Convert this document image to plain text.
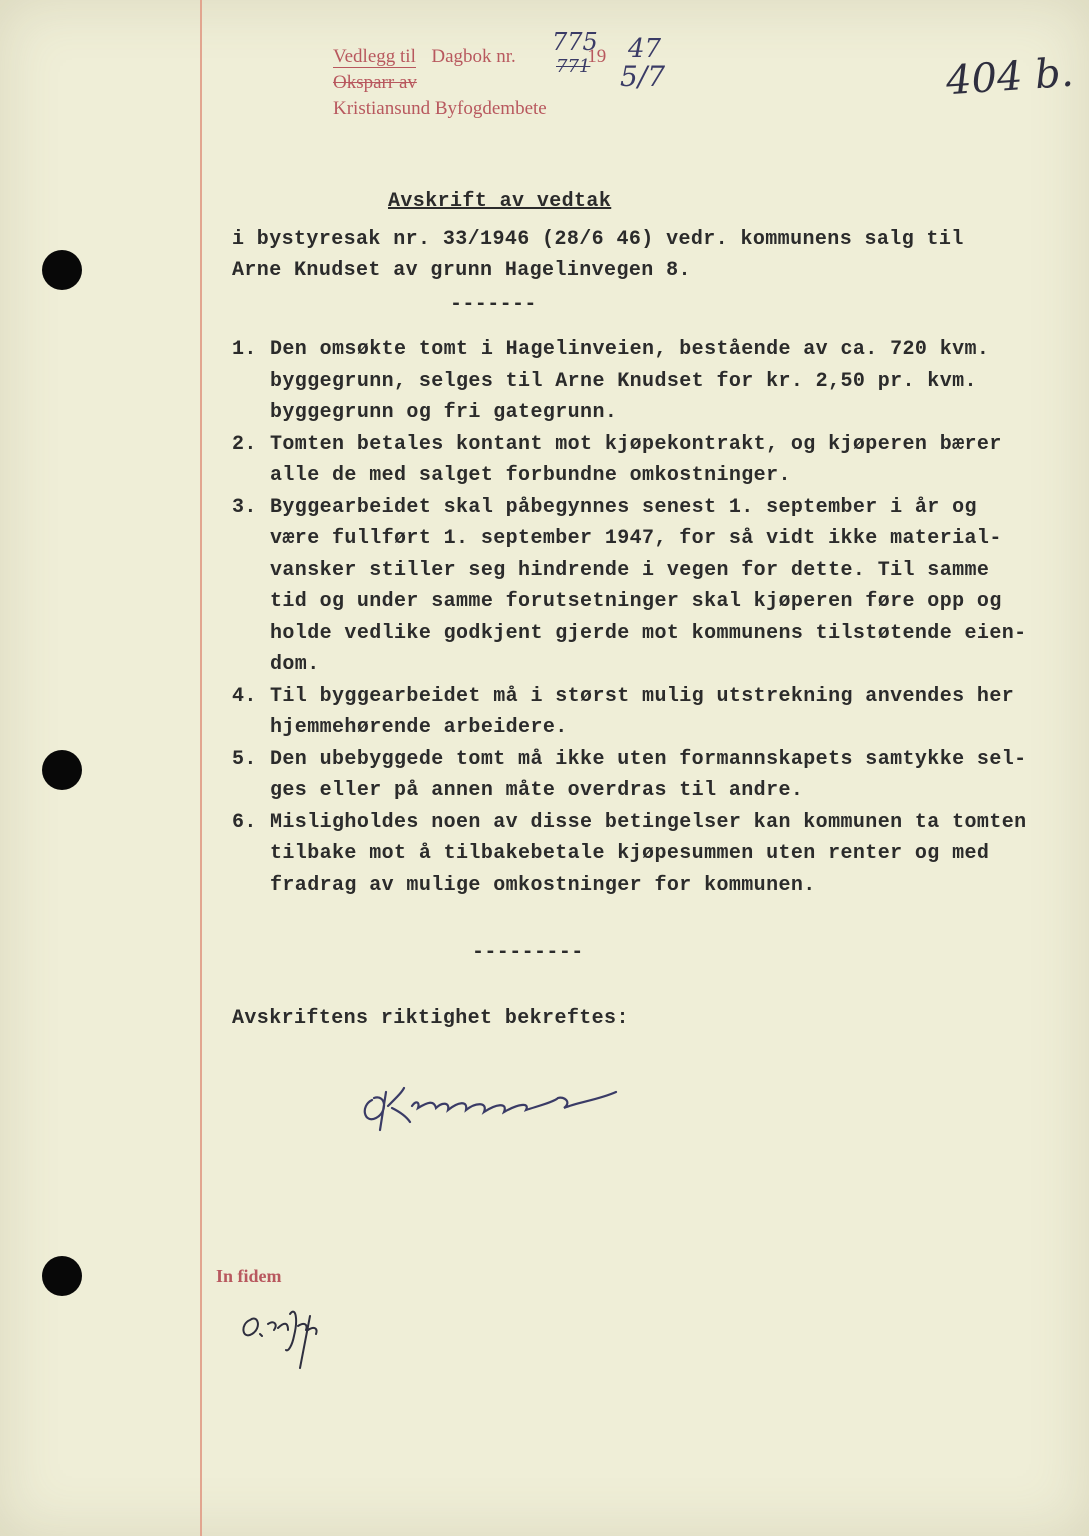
Vedlegg til Dagbok nr.	19
Oksparr av
Kristiansund Byfogdembete
775
771
47
5/7	404 b.
Avskrift av vedtak
i bystyresak nr. 33/1946 (28/6 46) vedr. kommunens salg til
Arne Knudset av grunn Hagelinvegen 8.
-------
1. Den omsøkte tomt i Hagelinveien, bestående av ca. 720 kvm.
byggegrunn, selges til Arne Knudset for kr. 2,50 pr. kvm.
byggegrunn og fri gategrunn.
2. Tomten betales kontant mot kjøpekontrakt, og kjøperen bærer
alle de med salget forbundne omkostninger.
3. Byggearbeidet skal påbegynnes senest 1. september i år og
være fullført 1. september 1947, for så vidt ikke material-
vansker stiller seg hindrende i vegen for dette. Til samme
tid og under samme forutsetninger skal kjøperen føre opp og
holde vedlike godkjent gjerde mot kommunens tilstøtende eien-
dom.
4. Til byggearbeidet må i størst mulig utstrekning anvendes her
hjemmehørende arbeidere.
5. Den ubebyggede tomt må ikke uten formannskapets samtykke sel-
ges eller på annen måte overdras til andre.
6. Misligholdes noen av disse betingelser kan kommunen ta tomten
tilbake mot å tilbakebetale kjøpesummen uten renter og med
fradrag av mulige omkostninger for kommunen.
---------
Avskriftens riktighet bekreftes:
In fidem
